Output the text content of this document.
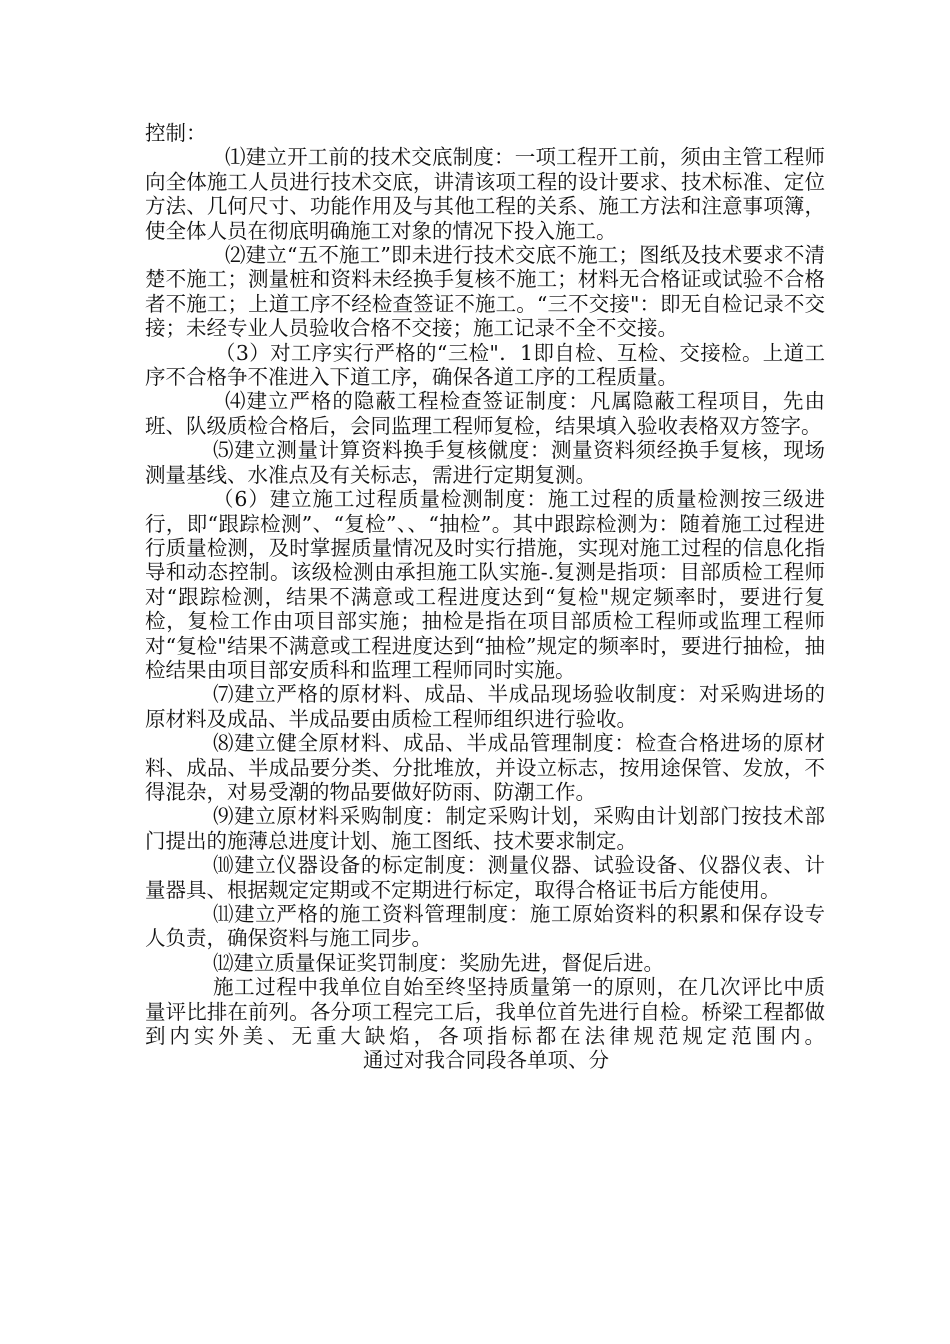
控制：

⑴建立开工前的技术交底制度：一项工程开工前，须由主管工程师向全体施工人员进行技术交底，讲清该项工程的设计要求、技术标准、定位方法、几何尺寸、功能作用及与其他工程的关系、施工方法和注意事项簿，使全体人员在彻底明确施工对象的情况下投入施工。

⑵建立“五不施工”即未进行技术交底不施工；图纸及技术要求不清楚不施工；测量桩和资料未经换手复核不施工；材料无合格证或试验不合格者不施工；上道工序不经检查签证不施工。“三不交接"：即无自检记录不交接；未经专业人员验收合格不交接；施工记录不全不交接。

（3）对工序实行严格的“三检"．1即自检、互检、交接检。上道工序不合格争不准进入下道工序，确保各道工序的工程质量。

⑷建立严格的隐蔽工程检查签证制度：凡属隐蔽工程项目，先由班、队级质检合格后，会同监理工程师复检，结果填入验收表格双方签字。

⑸建立测量计算资料换手复核僦度：测量资料须经换手复核，现场测量基线、水准点及有关标志，需进行定期复测。

（6）建立施工过程质量检测制度：施工过程的质量检测按三级进行，即“跟踪检测”、“复检”、、“抽检”。其中跟踪检测为：随着施工过程进行质量检测，及时掌握质量情况及时实行措施，实现对施工过程的信息化指导和动态控制。该级检测由承担施工队实施-.复测是指项：目部质检工程师对“跟踪检测，结果不满意或工程进度达到“复检"规定频率时，要进行复检，复检工作由项目部实施；抽检是指在项目部质检工程师或监理工程师对“复检"结果不满意或工程进度达到“抽检”规定的频率时，要进行抽检，抽检结果由项目部安质科和监理工程师同时实施。

⑺建立严格的原材料、成品、半成品现场验收制度：对采购进场的原材料及成品、半成品要由质检工程师组织进行验收。

⑻建立健全原材料、成品、半成品管理制度：检查合格进场的原材料、成品、半成品要分类、分批堆放，并设立标志，按用途保管、发放，不得混杂，对易受潮的物品要做好防雨、防潮工作。

⑼建立原材料采购制度：制定采购计划，采购由计划部门按技术部门提出的施薄总进度计划、施工图纸、技术要求制定。

⑽建立仪器设备的标定制度：测量仪器、试验设备、仪器仪表、计量器具、根据觌定定期或不定期进行标定，取得合格证书后方能使用。

⑾建立严格的施工资料管理制度：施工原始资料的积累和保存设专人负责，确保资料与施工同步。

⑿建立质量保证奖罚制度：奖励先进，督促后进。

施工过程中我单位自始至终坚持质量第一的原则，在几次评比中质量评比排在前列。各分项工程完工后，我单位首先进行自检。桥梁工程都做到内实外美、无重大缺焰，各项指标都在法律规范规定范围内。通过对我合同段各单项、分
